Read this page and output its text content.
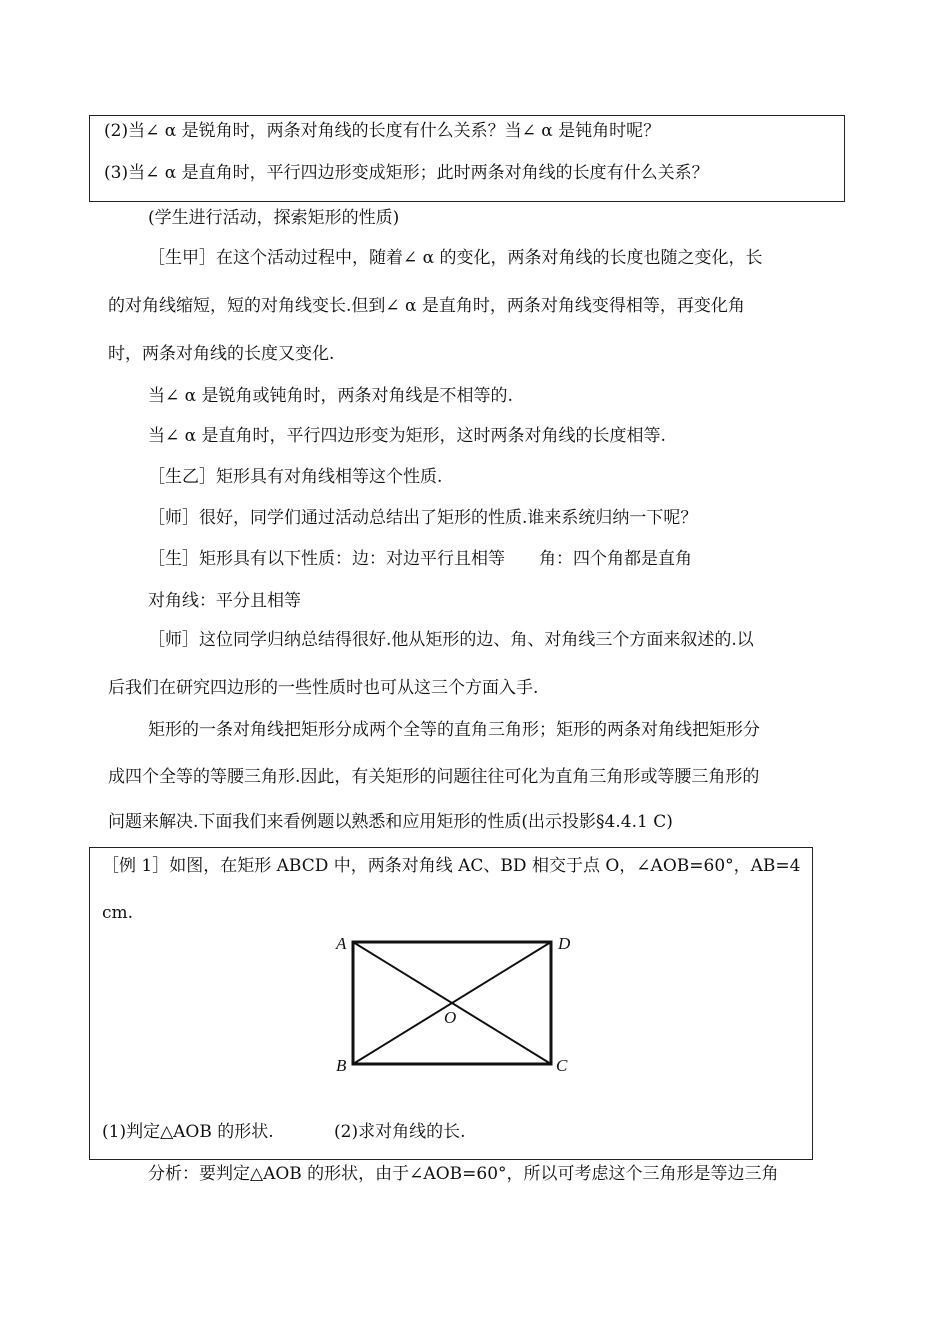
(2)当∠ α 是锐角时，两条对角线的长度有什么关系？当∠ α 是钝角时呢？
(3)当∠ α 是直角时，平行四边形变成矩形；此时两条对角线的长度有什么关系？
(学生进行活动，探索矩形的性质)
［生甲］在这个活动过程中，随着∠ α 的变化，两条对角线的长度也随之变化，长
的对角线缩短，短的对角线变长.但到∠ α 是直角时，两条对角线变得相等，再变化角
时，两条对角线的长度又变化.
当∠ α 是锐角或钝角时，两条对角线是不相等的.
当∠ α 是直角时，平行四边形变为矩形，这时两条对角线的长度相等.
［生乙］矩形具有对角线相等这个性质.
［师］很好，同学们通过活动总结出了矩形的性质.谁来系统归纳一下呢？
［生］矩形具有以下性质：边：对边平行且相等　　角：四个角都是直角
对角线：平分且相等
［师］这位同学归纳总结得很好.他从矩形的边、角、对角线三个方面来叙述的.以
后我们在研究四边形的一些性质时也可从这三个方面入手.
矩形的一条对角线把矩形分成两个全等的直角三角形；矩形的两条对角线把矩形分
成四个全等的等腰三角形.因此，有关矩形的问题往往可化为直角三角形或等腰三角形的
问题来解决.下面我们来看例题以熟悉和应用矩形的性质(出示投影§4.4.1 C)
［例 1］如图，在矩形 ABCD 中，两条对角线 AC、BD 相交于点 O，∠AOB=60°，AB=4
cm.
A	D
O
B	C
(1)判定△AOB 的形状.	(2)求对角线的长.
分析：要判定△AOB 的形状，由于∠AOB=60°，所以可考虑这个三角形是等边三角
